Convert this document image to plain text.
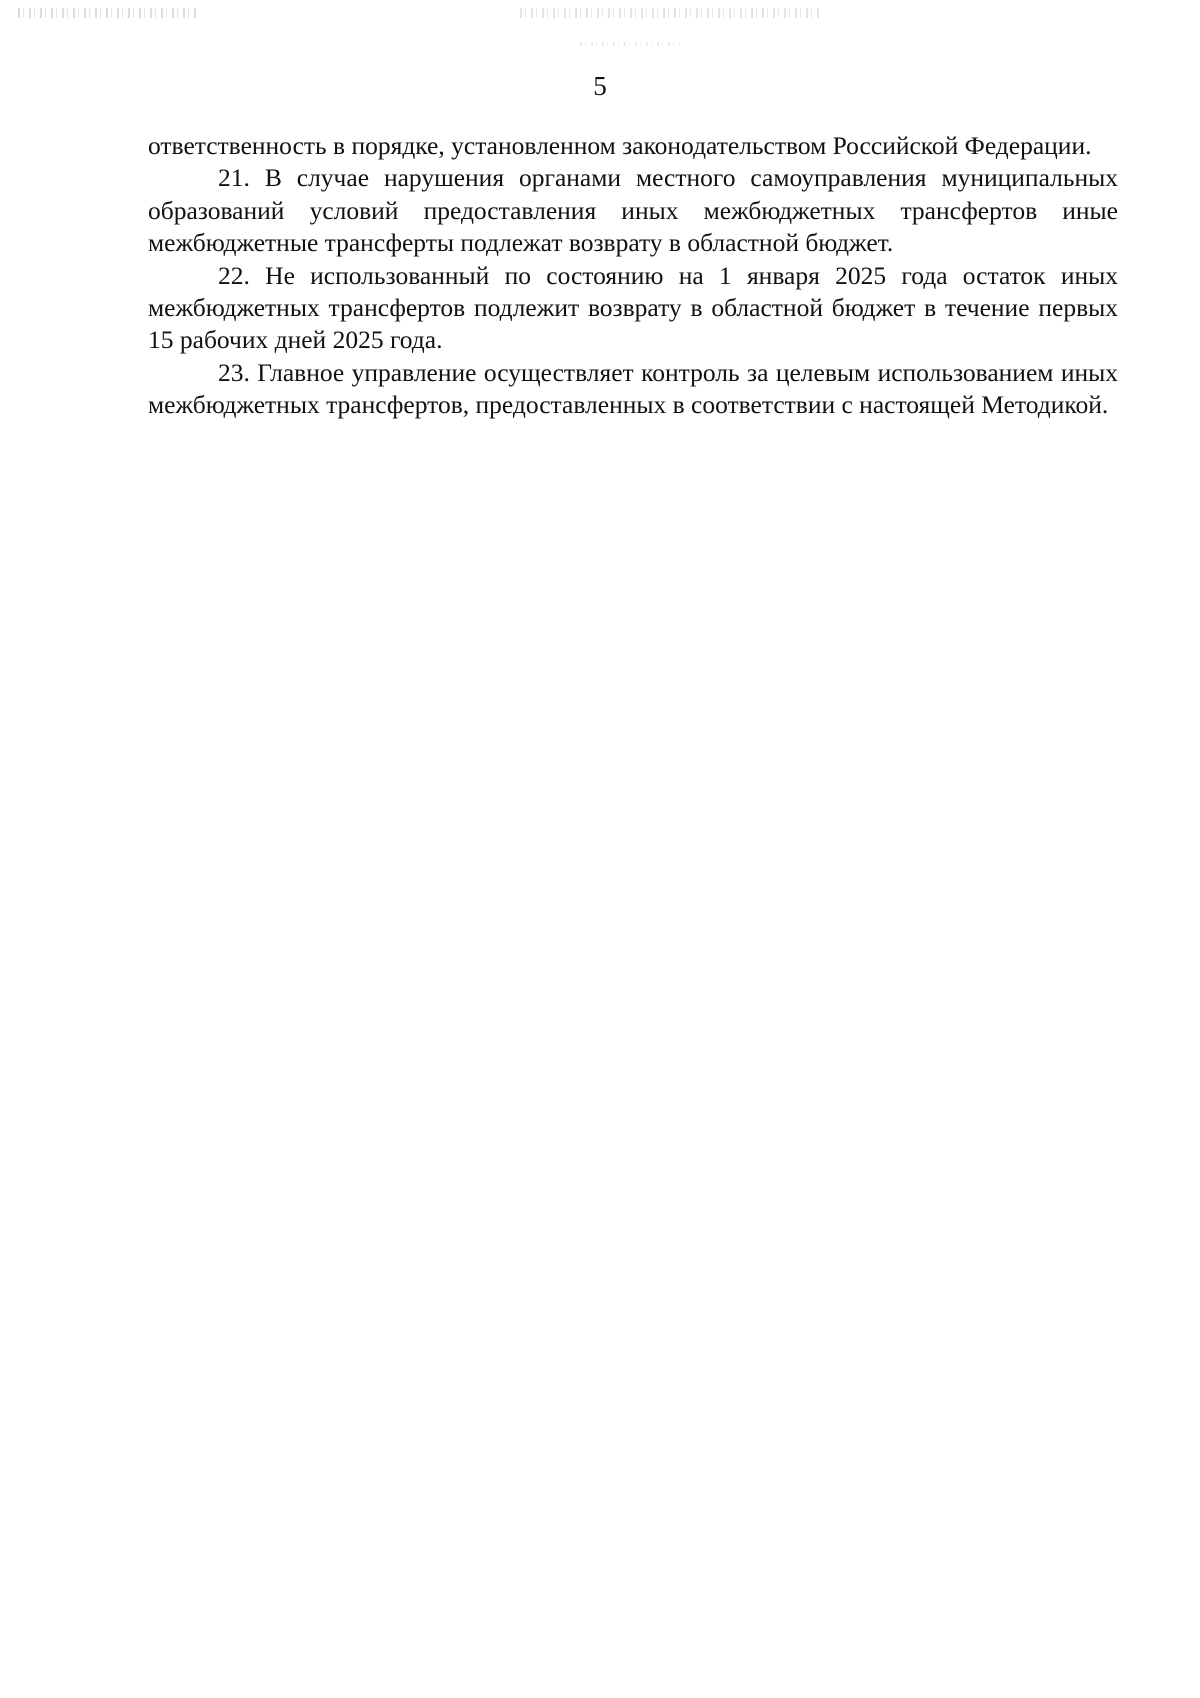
5

ответственность в порядке, установленном законодательством Российской Федерации.

21. В случае нарушения органами местного самоуправления муниципальных образований условий предоставления иных межбюджетных трансфертов иные межбюджетные трансферты подлежат возврату в областной бюджет.

22. Не использованный по состоянию на 1 января 2025 года остаток иных межбюджетных трансфертов подлежит возврату в областной бюджет в течение первых 15 рабочих дней 2025 года.

23. Главное управление осуществляет контроль за целевым использованием иных межбюджетных трансфертов, предоставленных в соответствии с настоящей Методикой.
